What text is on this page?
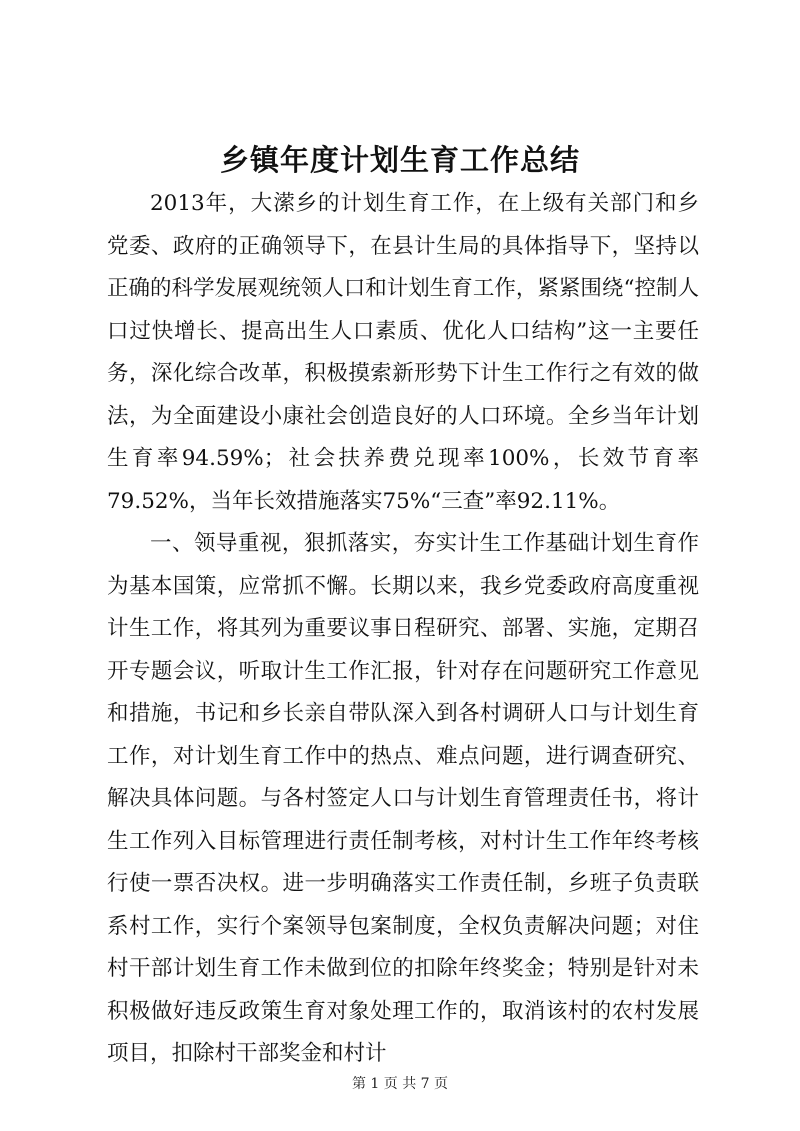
乡镇年度计划生育工作总结

2013年，大潆乡的计划生育工作，在上级有关部门和乡党委、政府的正确领导下，在县计生局的具体指导下，坚持以正确的科学发展观统领人口和计划生育工作，紧紧围绕“控制人口过快增长、提高出生人口素质、优化人口结构”这一主要任务，深化综合改革，积极摸索新形势下计生工作行之有效的做法，为全面建设小康社会创造良好的人口环境。全乡当年计划生育率94.59%；社会扶养费兑现率100%，长效节育率79.52%，当年长效措施落实75%“三查”率92.11%。

一、领导重视，狠抓落实，夯实计生工作基础计划生育作为基本国策，应常抓不懈。长期以来，我乡党委政府高度重视计生工作，将其列为重要议事日程研究、部署、实施，定期召开专题会议，听取计生工作汇报，针对存在问题研究工作意见和措施，书记和乡长亲自带队深入到各村调研人口与计划生育工作，对计划生育工作中的热点、难点问题，进行调查研究、解决具体问题。与各村签定人口与计划生育管理责任书，将计生工作列入目标管理进行责任制考核，对村计生工作年终考核行使一票否决权。进一步明确落实工作责任制，乡班子负责联系村工作，实行个案领导包案制度，全权负责解决问题；对住村干部计划生育工作未做到位的扣除年终奖金；特别是针对未积极做好违反政策生育对象处理工作的，取消该村的农村发展项目，扣除村干部奖金和村计

第 1 页 共 7 页
